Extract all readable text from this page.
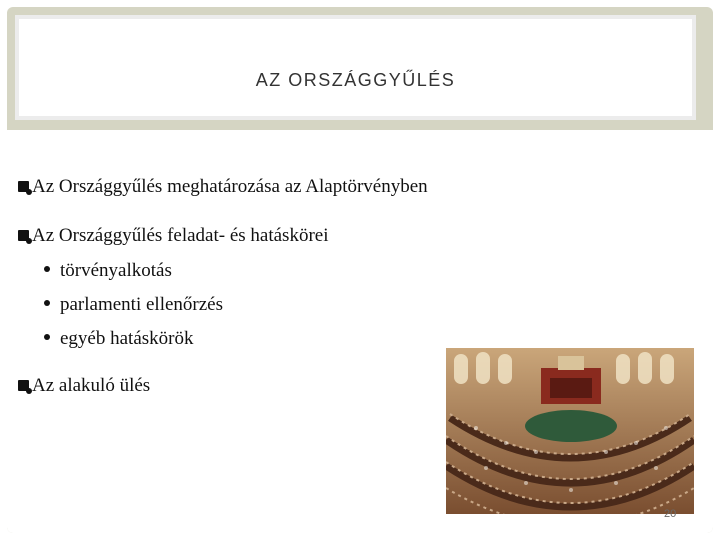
AZ ORSZÁGGYŰLÉS
Az Országgyűlés meghatározása az Alaptörvényben
Az Országgyűlés feladat- és hatáskörei
törvényalkotás
parlamenti ellenőrzés
egyéb hatáskörök
Az alakuló ülés
20
